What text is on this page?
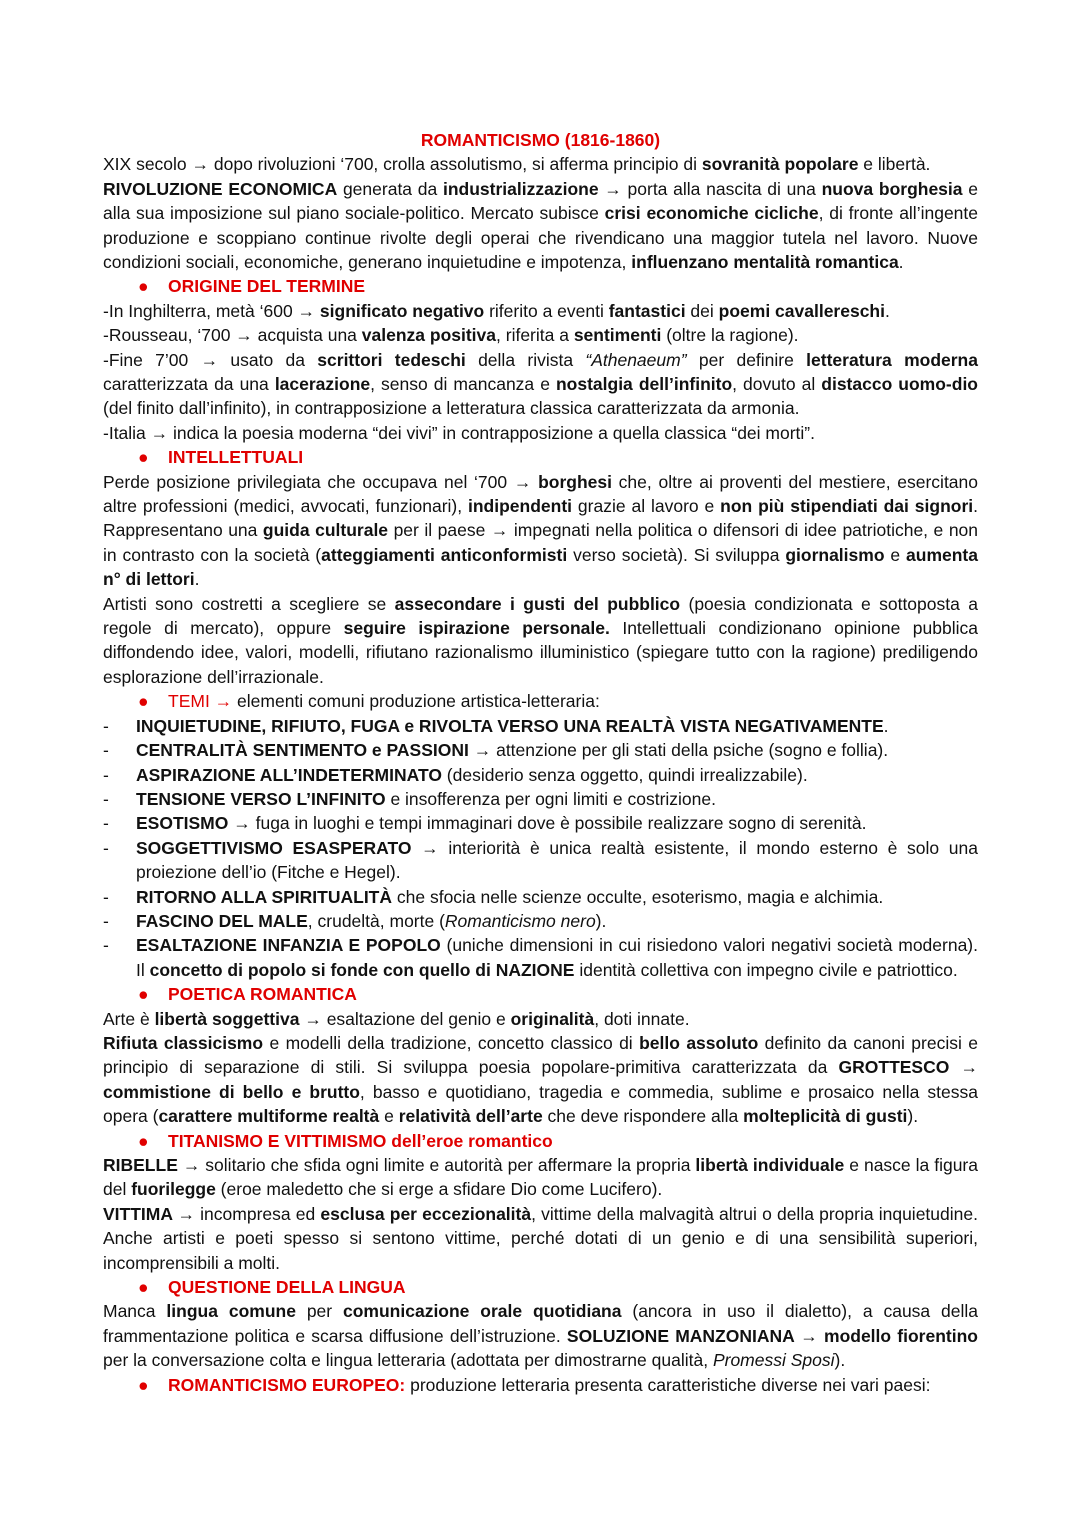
ROMANTICISMO (1816-1860)

XIX secolo → dopo rivoluzioni ‘700, crolla assolutismo, si afferma principio di sovranità popolare e libertà.

RIVOLUZIONE ECONOMICA generata da industrializzazione → porta alla nascita di una nuova borghesia e alla sua imposizione sul piano sociale-politico. Mercato subisce crisi economiche cicliche, di fronte all’ingente produzione e scoppiano continue rivolte degli operai che rivendicano una maggior tutela nel lavoro. Nuove condizioni sociali, economiche, generano inquietudine e impotenza, influenzano mentalità romantica.

●	ORIGINE DEL TERMINE

-In Inghilterra, metà ‘600 → significato negativo riferito a eventi fantastici dei poemi cavallereschi.

-Rousseau, ‘700 → acquista una valenza positiva, riferita a sentimenti (oltre la ragione).

-Fine 7’00 → usato da scrittori tedeschi della rivista “Athenaeum” per definire letteratura moderna caratterizzata da una lacerazione, senso di mancanza e nostalgia dell’infinito, dovuto al distacco uomo-dio (del finito dall’infinito), in contrapposizione a letteratura classica caratterizzata da armonia.

-Italia → indica la poesia moderna “dei vivi” in contrapposizione a quella classica “dei morti”.

●	INTELLETTUALI

Perde posizione privilegiata che occupava nel ‘700 → borghesi che, oltre ai proventi del mestiere, esercitano altre professioni (medici, avvocati, funzionari), indipendenti grazie al lavoro e non più stipendiati dai signori. Rappresentano una guida culturale per il paese → impegnati nella politica o difensori di idee patriotiche, e non in contrasto con la società (atteggiamenti anticonformisti verso società). Si sviluppa giornalismo e aumenta n° di lettori.

Artisti sono costretti a scegliere se assecondare i gusti del pubblico (poesia condizionata e sottoposta a regole di mercato), oppure seguire ispirazione personale. Intellettuali condizionano opinione pubblica diffondendo idee, valori, modelli, rifiutano razionalismo illuministico (spiegare tutto con la ragione) prediligendo esplorazione dell’irrazionale.

●	TEMI → elementi comuni produzione artistica-letteraria:

- INQUIETUDINE, RIFIUTO, FUGA e RIVOLTA VERSO UNA REALTÀ VISTA NEGATIVAMENTE.

- CENTRALITÀ SENTIMENTO e PASSIONI → attenzione per gli stati della psiche (sogno e follia).

- ASPIRAZIONE ALL’INDETERMINATO (desiderio senza oggetto, quindi irrealizzabile).

- TENSIONE VERSO L’INFINITO e insofferenza per ogni limiti e costrizione.

- ESOTISMO → fuga in luoghi e tempi immaginari dove è possibile realizzare sogno di serenità.

- SOGGETTIVISMO ESASPERATO → interiorità è unica realtà esistente, il mondo esterno è solo una proiezione dell’io (Fitche e Hegel).

- RITORNO ALLA SPIRITUALITÀ che sfocia nelle scienze occulte, esoterismo, magia e alchimia.

- FASCINO DEL MALE, crudeltà, morte (Romanticismo nero).

- ESALTAZIONE INFANZIA E POPOLO (uniche dimensioni in cui risiedono valori negativi società moderna). Il concetto di popolo si fonde con quello di NAZIONE identità collettiva con impegno civile e patriottico.

●	POETICA ROMANTICA

Arte è libertà soggettiva → esaltazione del genio e originalità, doti innate.

Rifiuta classicismo e modelli della tradizione, concetto classico di bello assoluto definito da canoni precisi e principio di separazione di stili. Si sviluppa poesia popolare-primitiva caratterizzata da GROTTESCO → commistione di bello e brutto, basso e quotidiano, tragedia e commedia, sublime e prosaico nella stessa opera (carattere multiforme realtà e relatività dell’arte che deve rispondere alla molteplicità di gusti).

●	TITANISMO E VITTIMISMO dell’eroe romantico

RIBELLE → solitario che sfida ogni limite e autorità per affermare la propria libertà individuale e nasce la figura del fuorilegge (eroe maledetto che si erge a sfidare Dio come Lucifero).

VITTIMA → incompresa ed esclusa per eccezionalità, vittime della malvagità altrui o della propria inquietudine. Anche artisti e poeti spesso si sentono vittime, perché dotati di un genio e di una sensibilità superiori, incomprensibili a molti.

●	QUESTIONE DELLA LINGUA

Manca lingua comune per comunicazione orale quotidiana (ancora in uso il dialetto), a causa della frammentazione politica e scarsa diffusione dell’istruzione. SOLUZIONE MANZONIANA → modello fiorentino per la conversazione colta e lingua letteraria (adottata per dimostrarne qualità, Promessi Sposi).

●	ROMANTICISMO EUROPEO: produzione letteraria presenta caratteristiche diverse nei vari paesi:
